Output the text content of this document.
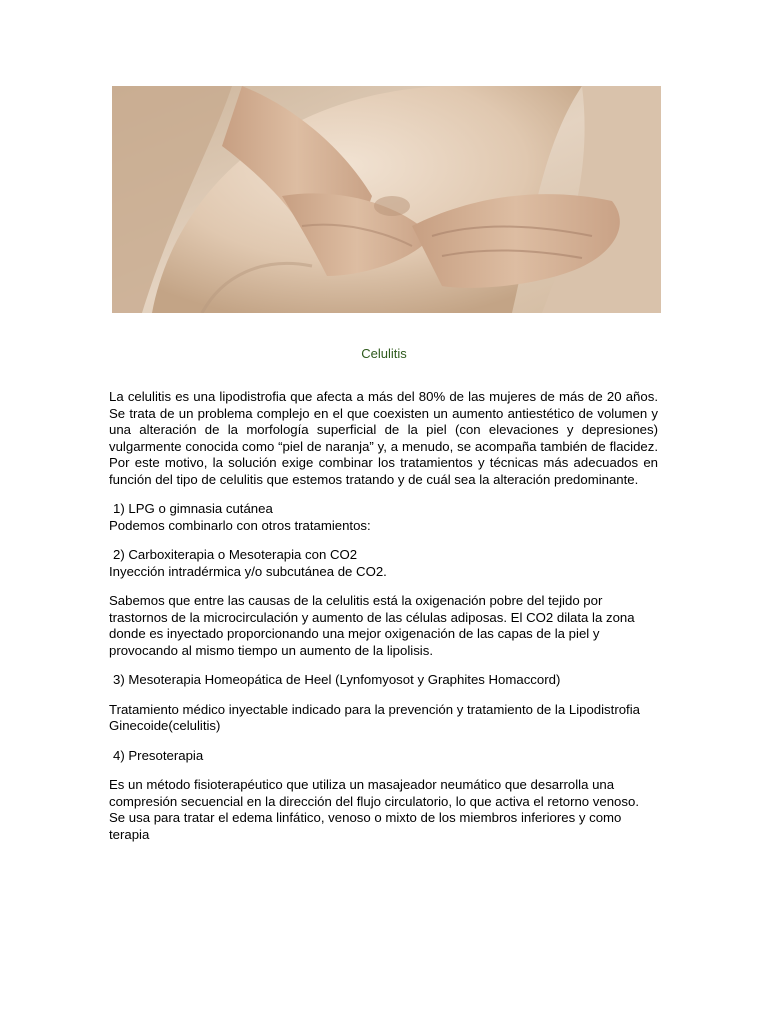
Celulitis

La celulitis es una lipodistrofia que afecta a más del 80% de las mujeres de más de 20 años. Se trata de un problema complejo en el que coexisten un aumento antiestético de volumen y una alteración de la morfología superficial de la piel (con elevaciones y depresiones) vulgarmente conocida como “piel de naranja” y, a menudo, se acompaña también de flacidez. Por este motivo, la solución exige combinar los tratamientos y técnicas más adecuados en función del tipo de celulitis que estemos tratando y de cuál sea la alteración predominante.

1) LPG o gimnasia cutánea

Podemos combinarlo con otros tratamientos:

2) Carboxiterapia o Mesoterapia con CO2

Inyección intradérmica y/o subcutánea de CO2.

Sabemos que entre las causas de la celulitis está la oxigenación pobre del tejido por trastornos de la microcirculación y aumento de las células adiposas. El CO2 dilata la zona donde es inyectado proporcionando una mejor oxigenación de las capas de la piel y provocando al mismo tiempo un aumento de la lipolisis.

3) Mesoterapia Homeopática de Heel (Lynfomyosot y Graphites Homaccord)

Tratamiento médico inyectable indicado para la prevención y tratamiento de la Lipodistrofia Ginecoide(celulitis)

4) Presoterapia

Es un método fisioterapéutico que utiliza un masajeador neumático que desarrolla una compresión secuencial en la dirección del flujo circulatorio, lo que activa el retorno venoso. Se usa para tratar el edema linfático, venoso o mixto de los miembros inferiores y como terapia
